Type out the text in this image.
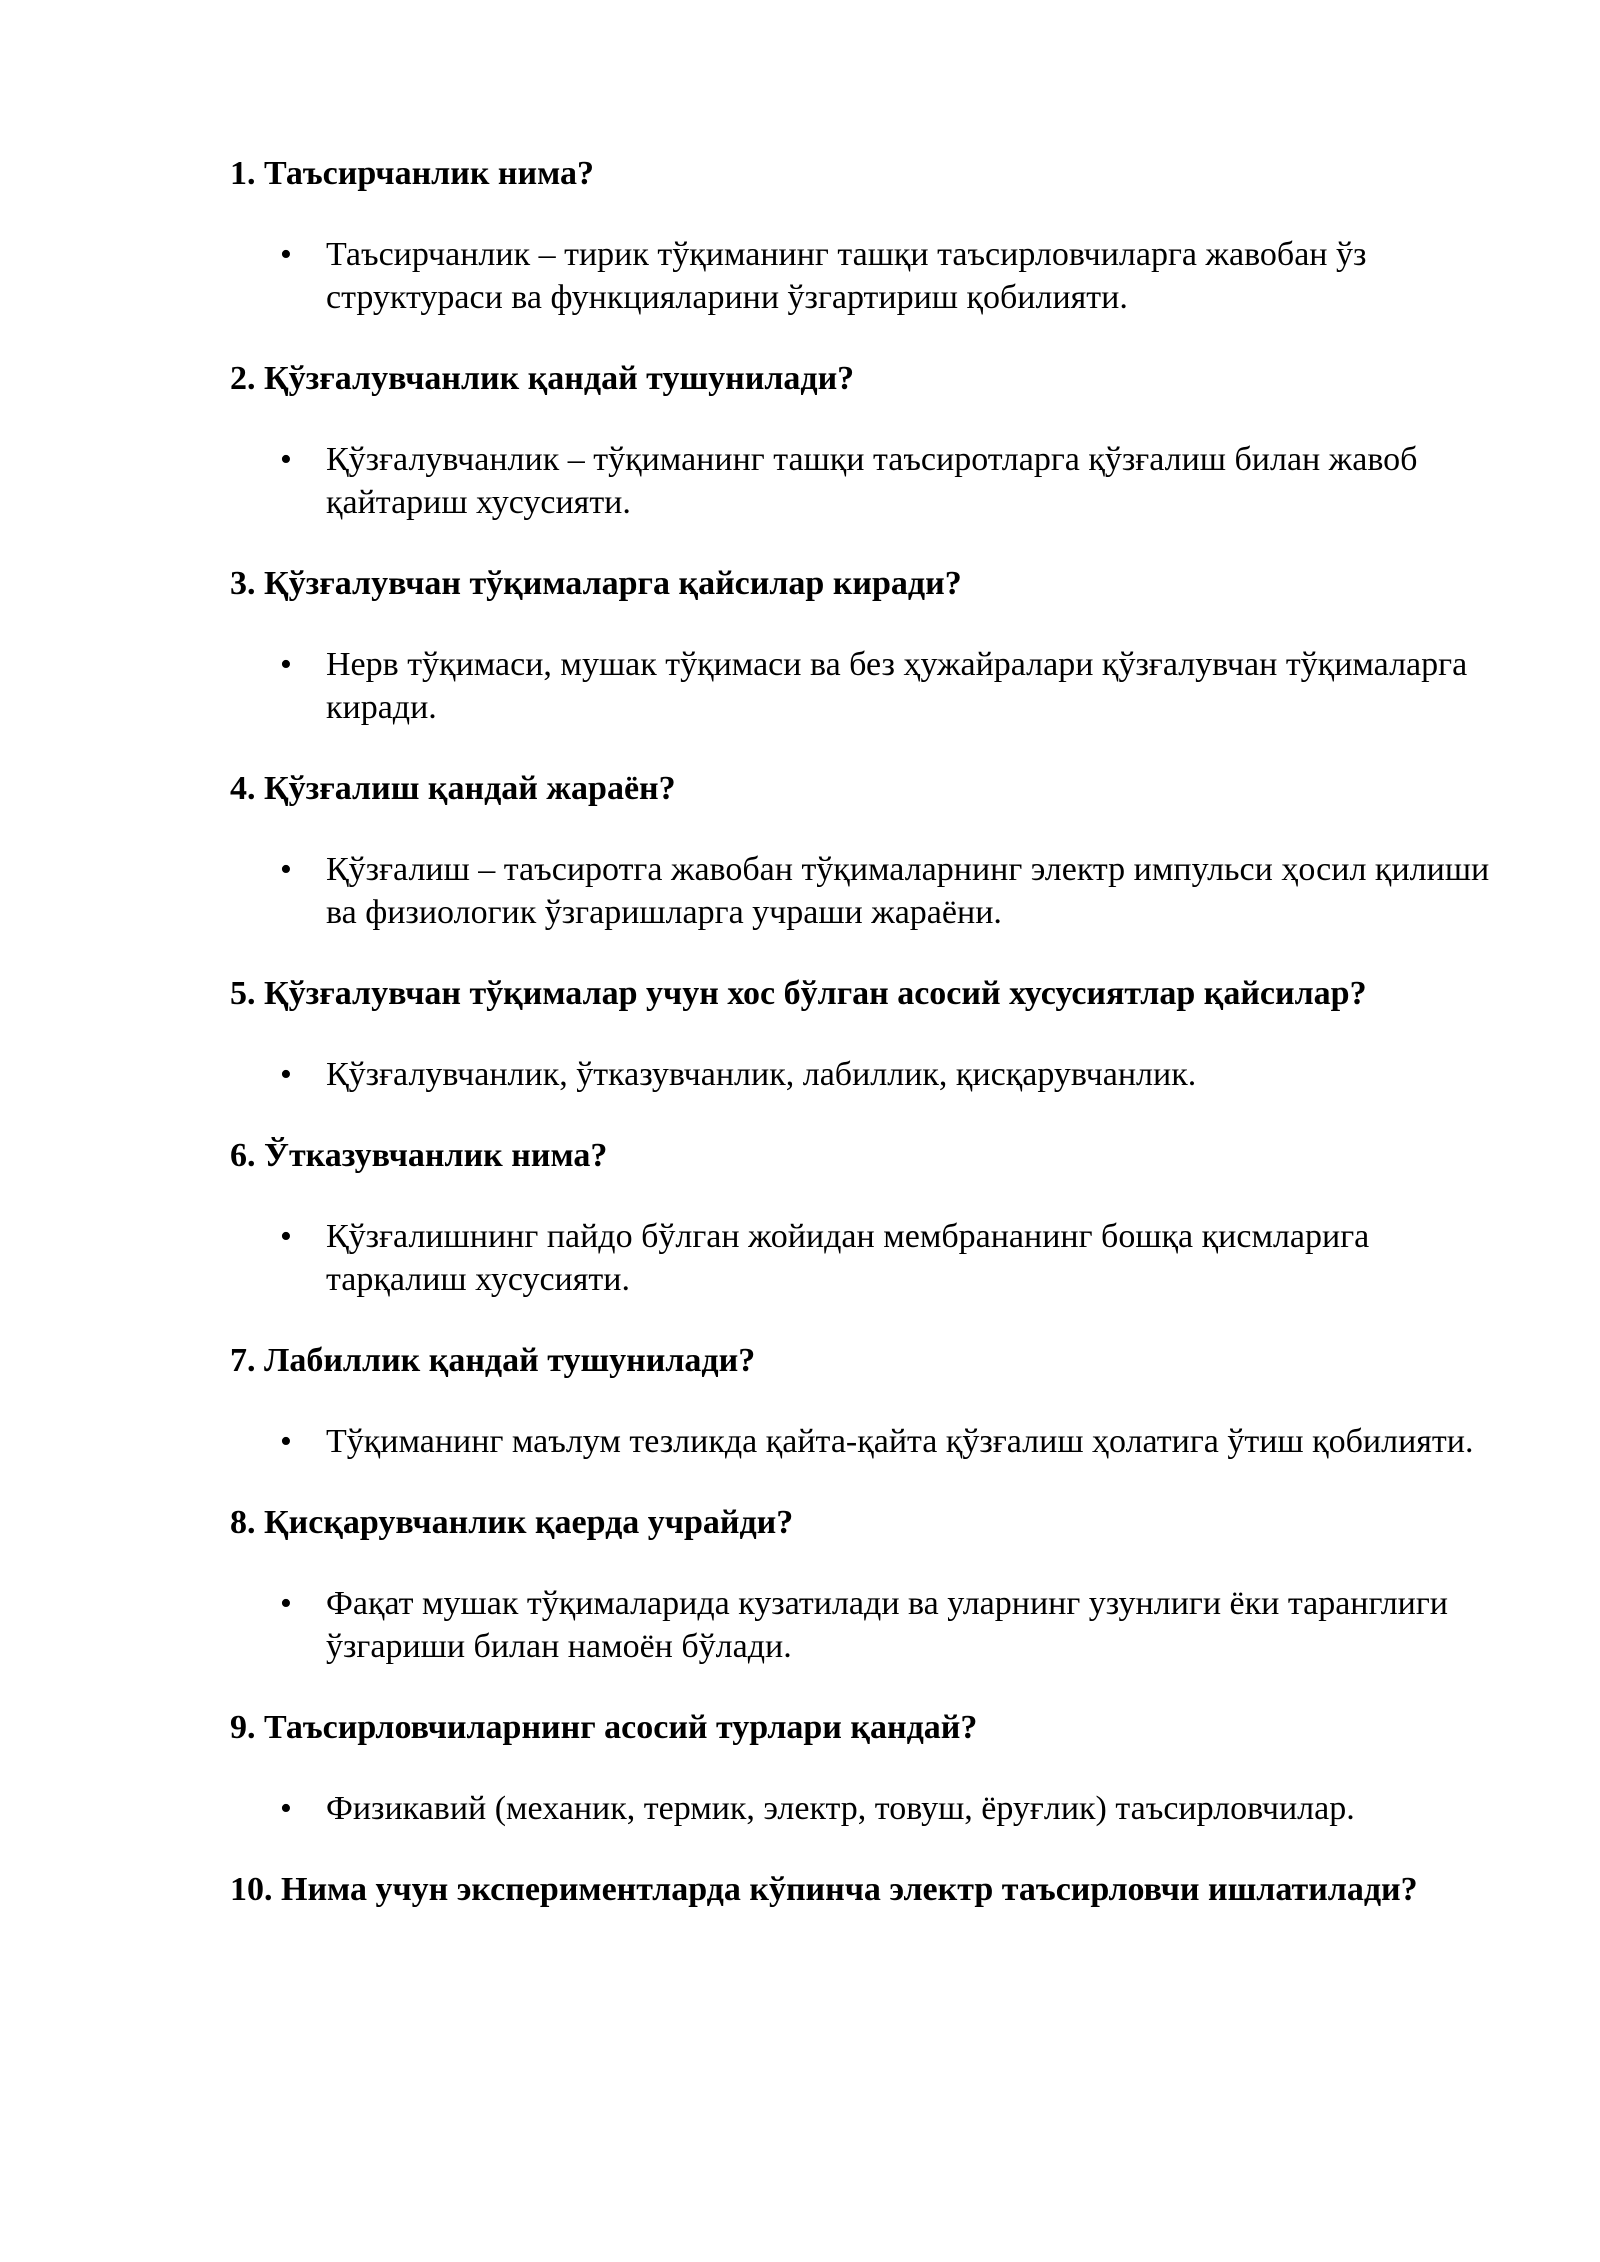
1. Таъсирчанлик нима?

• Таъсирчанлик – тирик тўқиманинг ташқи таъсирловчиларга жавобан ўз структураси ва функцияларини ўзгартириш қобилияти.

2. Қўзғалувчанлик қандай тушунилади?

• Қўзғалувчанлик – тўқиманинг ташқи таъсиротларга қўзғалиш билан жавоб қайтариш хусусияти.

3. Қўзғалувчан тўқималарга қайсилар киради?

• Нерв тўқимаси, мушак тўқимаси ва без ҳужайралари қўзғалувчан тўқималарга киради.

4. Қўзғалиш қандай жараён?

• Қўзғалиш – таъсиротга жавобан тўқималарнинг электр импульси ҳосил қилиши ва физиологик ўзгаришларга учраши жараёни.

5. Қўзғалувчан тўқималар учун хос бўлган асосий хусусиятлар қайсилар?

• Қўзғалувчанлик, ўтказувчанлик, лабиллик, қисқарувчанлик.

6. Ўтказувчанлик нима?

• Қўзғалишнинг пайдо бўлган жойидан мембрананинг бошқа қисмларига тарқалиш хусусияти.

7. Лабиллик қандай тушунилади?

• Тўқиманинг маълум тезликда қайта-қайта қўзғалиш ҳолатига ўтиш қобилияти.

8. Қисқарувчанлик қаерда учрайди?

• Фақат мушак тўқималарида кузатилади ва уларнинг узунлиги ёки таранглиги ўзгариши билан намоён бўлади.

9. Таъсирловчиларнинг асосий турлари қандай?

• Физикавий (механик, термик, электр, товуш, ёруғлик) таъсирловчилар.

10. Нима учун экспериментларда кўпинча электр таъсирловчи ишлатилади?
